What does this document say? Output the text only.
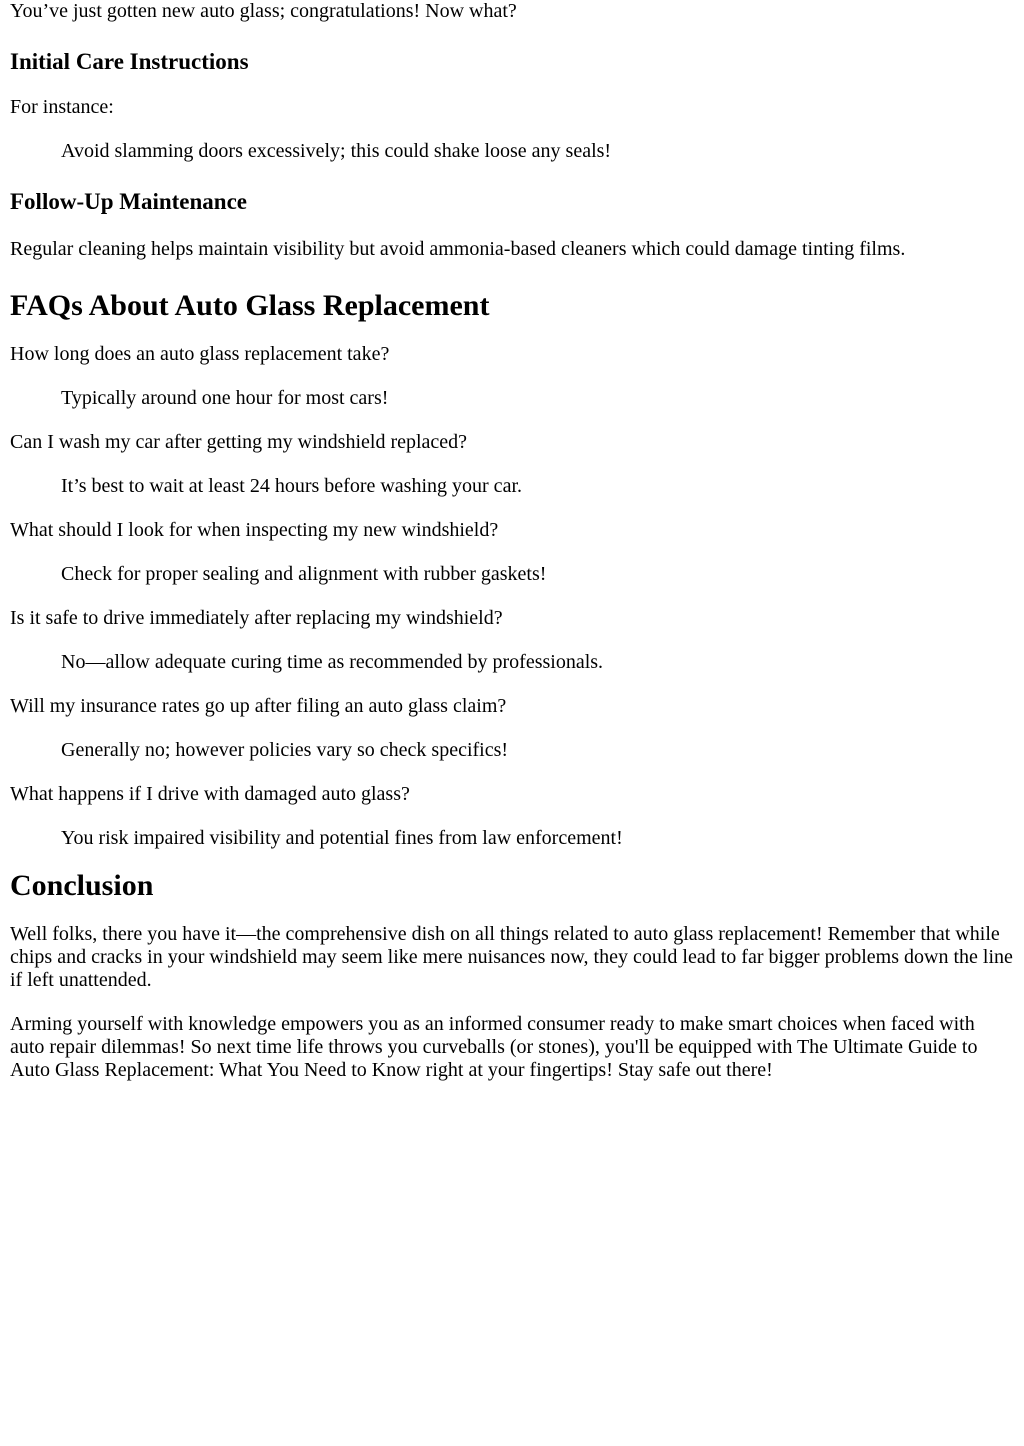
You’ve just gotten new auto glass; congratulations! Now what?

Initial Care Instructions

For instance:

Avoid slamming doors excessively; this could shake loose any seals!

Follow-Up Maintenance

Regular cleaning helps maintain visibility but avoid ammonia-based cleaners which could damage tinting films.

FAQs About Auto Glass Replacement

How long does an auto glass replacement take?

Typically around one hour for most cars!

Can I wash my car after getting my windshield replaced?

It’s best to wait at least 24 hours before washing your car.

What should I look for when inspecting my new windshield?

Check for proper sealing and alignment with rubber gaskets!

Is it safe to drive immediately after replacing my windshield?

No—allow adequate curing time as recommended by professionals.

Will my insurance rates go up after filing an auto glass claim?

Generally no; however policies vary so check specifics!

What happens if I drive with damaged auto glass?

You risk impaired visibility and potential fines from law enforcement!

Conclusion

Well folks, there you have it—the comprehensive dish on all things related to auto glass replacement! Remember that while chips and cracks in your windshield may seem like mere nuisances now, they could lead to far bigger problems down the line if left unattended.

Arming yourself with knowledge empowers you as an informed consumer ready to make smart choices when faced with auto repair dilemmas! So next time life throws you curveballs (or stones), you'll be equipped with The Ultimate Guide to Auto Glass Replacement: What You Need to Know right at your fingertips! Stay safe out there!
